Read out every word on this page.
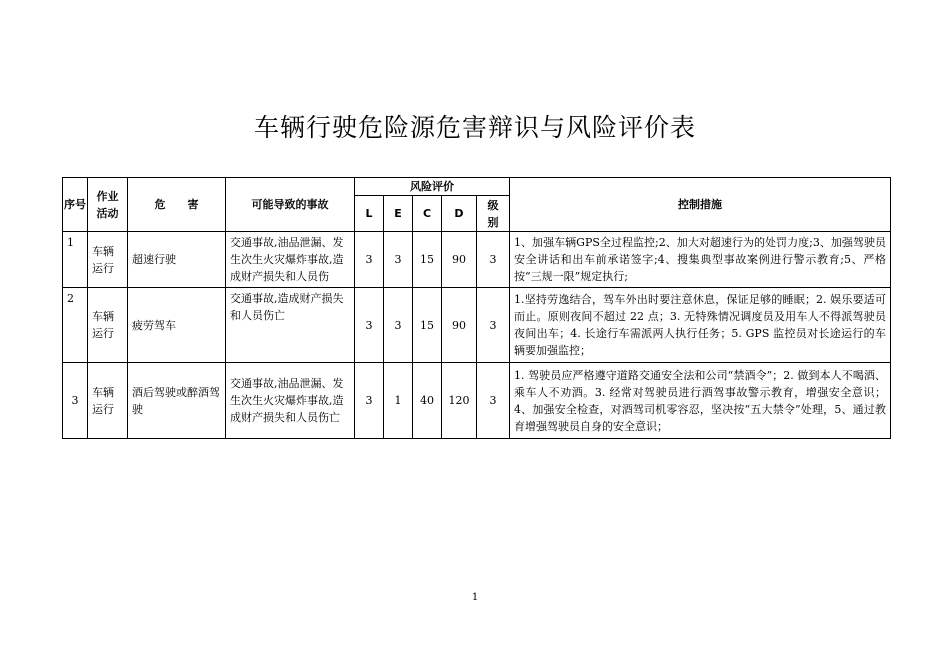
车辆行驶危险源危害辩识与风险评价表
序号	作业活动	危　　害	可能导致的事故	风险评价					控制措施
				L	E	C	D	级别	
1	车辆运行	超速行驶	交通事故,油品泄漏、发生次生火灾爆炸事故,造成财产损失和人员伤	3	3	15	90	3	1、加强车辆GPS全过程监控;2、加大对超速行为的处罚力度;3、加强驾驶员安全讲话和出车前承诺签字;4、搜集典型事故案例进行警示教育;5、严格按“三规一限”规定执行;
2	车辆运行	疲劳驾车	交通事故,造成财产损失和人员伤亡	3	3	15	90	3	1.坚持劳逸结合，驾车外出时要注意休息，保证足够的睡眠；2. 娱乐要适可而止。原则夜间不超过 22 点；3. 无特殊情况调度员及用车人不得派驾驶员夜间出车；4. 长途行车需派两人执行任务；5. GPS 监控员对长途运行的车辆要加强监控；
3	车辆运行	酒后驾驶或醉酒驾驶	交通事故,油品泄漏、发生次生火灾爆炸事故,造成财产损失和人员伤亡	3	1	40	120	3	1. 驾驶员应严格遵守道路交通安全法和公司“禁酒令”；2. 做到本人不喝酒、乘车人不劝酒。3. 经常对驾驶员进行酒驾事故警示教育，增强安全意识；4、加强安全检查，对酒驾司机零容忍，坚决按“五大禁令”处理，5、通过教育增强驾驶员自身的安全意识；
1
